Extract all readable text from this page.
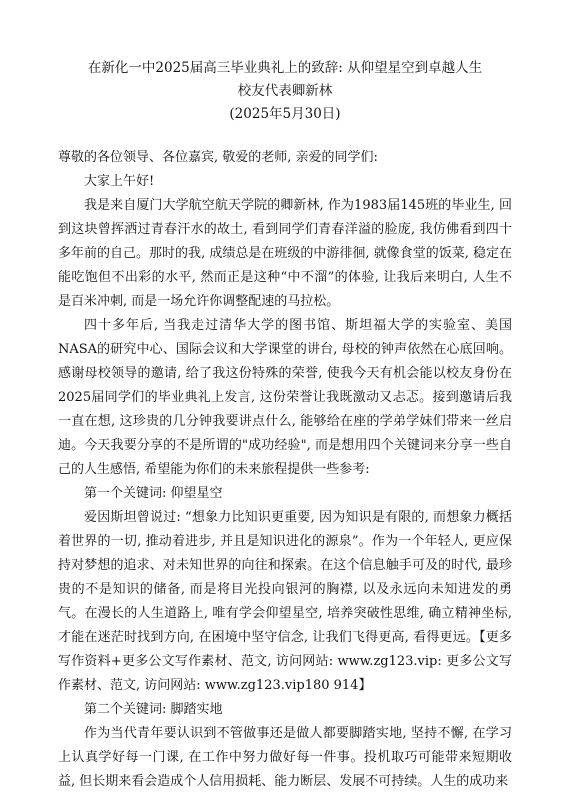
在新化一中2025届高三毕业典礼上的致辞: 从仰望星空到卓越人生
校友代表卿新林
(2025年5月30日)

尊敬的各位领导、各位嘉宾, 敬爱的老师, 亲爱的同学们:

大家上午好!

我是来自厦门大学航空航天学院的卿新林, 作为1983届145班的毕业生, 回到这块曾挥洒过青春汗水的故土, 看到同学们青春洋溢的脸庞, 我仿佛看到四十多年前的自己。那时的我, 成绩总是在班级的中游徘徊, 就像食堂的饭菜, 稳定在能吃饱但不出彩的水平, 然而正是这种“中不溜”的体验, 让我后来明白, 人生不是百米冲刺, 而是一场允许你调整配速的马拉松。

四十多年后, 当我走过清华大学的图书馆、斯坦福大学的实验室、美国NASA的研究中心、国际会议和大学课堂的讲台, 母校的钟声依然在心底回响。感谢母校领导的邀请, 给了我这份特殊的荣誉, 使我今天有机会能以校友身份在2025届同学们的毕业典礼上发言, 这份荣誉让我既激动又忐忑。接到邀请后我一直在想, 这珍贵的几分钟我要讲点什么, 能够给在座的学弟学妹们带来一丝启迪。今天我要分享的不是所谓的"成功经验", 而是想用四个关键词来分享一些自己的人生感悟, 希望能为你们的未来旅程提供一些参考:

第一个关键词: 仰望星空

爱因斯坦曾说过: “想象力比知识更重要, 因为知识是有限的, 而想象力概括着世界的一切, 推动着进步, 并且是知识进化的源泉”。作为一个年轻人, 更应保持对梦想的追求、对未知世界的向往和探索。在这个信息触手可及的时代, 最珍贵的不是知识的储备, 而是将目光投向银河的胸襟, 以及永远向未知进发的勇气。在漫长的人生道路上, 唯有学会仰望星空, 培养突破性思维, 确立精神坐标, 才能在迷茫时找到方向, 在困境中坚守信念, 让我们飞得更高, 看得更远。【更多写作资料+更多公文写作素材、范文, 访问网站: www.zg123.vip: 更多公文写作素材、范文, 访问网站: www.zg123.vip180 914】

第二个关键词: 脚踏实地

作为当代青年要认识到不管做事还是做人都要脚踏实地, 坚持不懈, 在学习上认真学好每一门课, 在工作中努力做好每一件事。投机取巧可能带来短期收益, 但长期来看会造成个人信用损耗、能力断层、发展不可持续。人生的成功来
